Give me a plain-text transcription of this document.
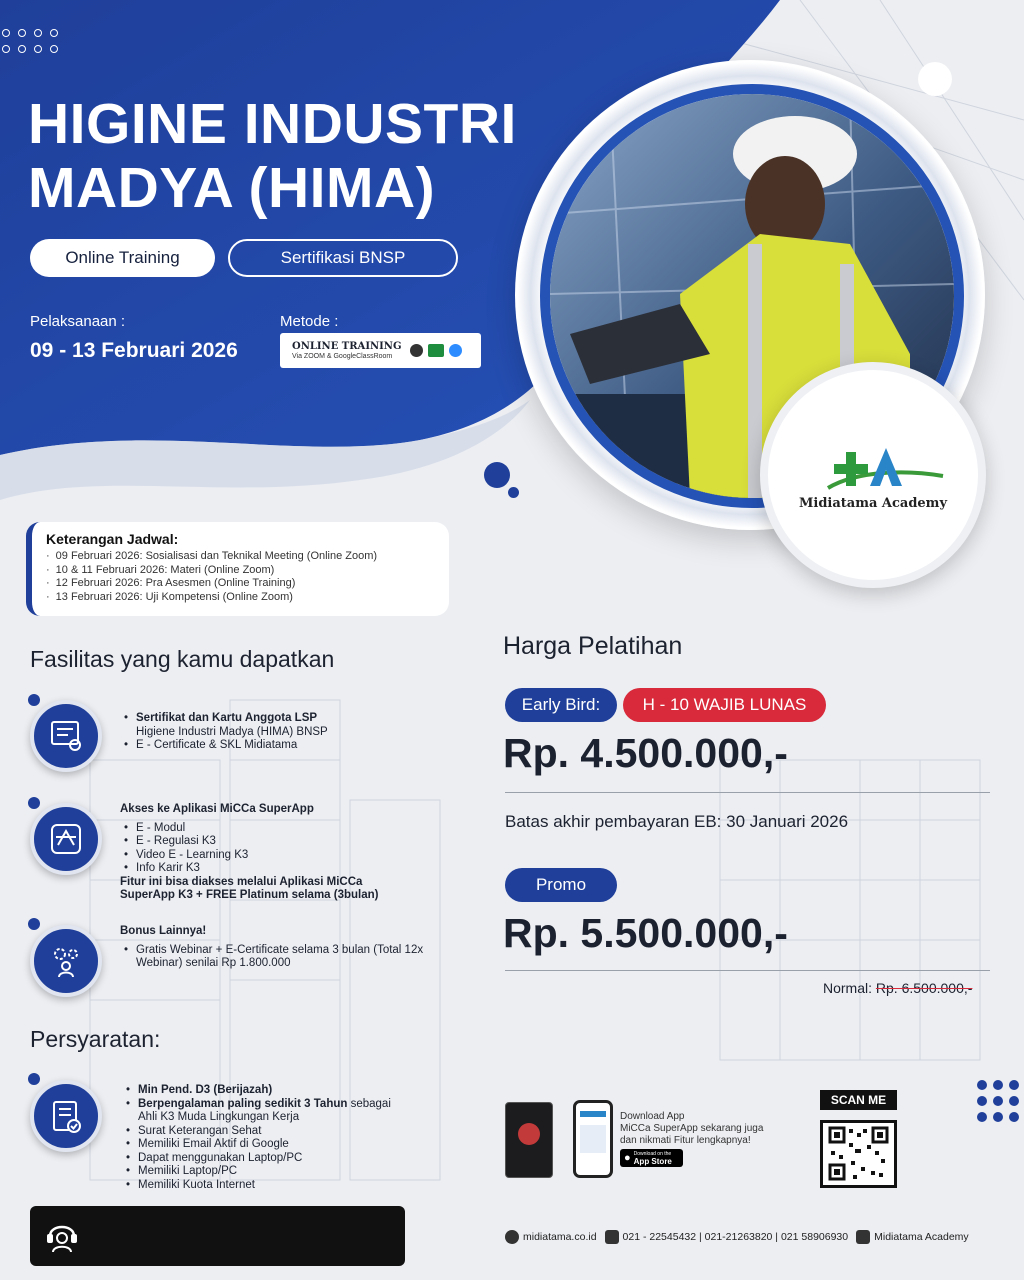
HIGINE INDUSTRI
MADYA (HIMA)
Online Training	Sertifikasi BNSP
Pelaksanaan :
09 - 13 Februari 2026
Metode :
ONLINE TRAINING
Via ZOOM & GoogleClassRoom
Midiatama Academy
Keterangan Jadwal:
· 09 Februari 2026: Sosialisasi dan Teknikal Meeting (Online Zoom)
· 10 & 11 Februari 2026: Materi (Online Zoom)
· 12 Februari 2026: Pra Asesmen (Online Training)
· 13 Februari 2026: Uji Kompetensi (Online Zoom)
Fasilitas yang kamu dapatkan
• Sertifikat dan Kartu Anggota LSP
Higiene Industri Madya (HIMA) BNSP
• E - Certificate & SKL Midiatama
Akses ke Aplikasi MiCCa SuperApp
• E - Modul
• E - Regulasi K3
• Video E - Learning K3
• Info Karir K3
Fitur ini bisa diakses melalui Aplikasi MiCCa
SuperApp K3 + FREE Platinum selama (3bulan)
Bonus Lainnya!
• Gratis Webinar + E-Certificate selama 3 bulan (Total 12x
Webinar) senilai Rp 1.800.000
Persyaratan:
• Min Pend. D3 (Berijazah)
• Berpengalaman paling sedikit 3 Tahun sebagai
Ahli K3 Muda Lingkungan Kerja
• Surat Keterangan Sehat
• Memiliki Email Aktif di Google
• Dapat menggunakan Laptop/PC
• Memiliki Laptop/PC
• Memiliki Kuota Internet
Harga Pelatihan
Early Bird:	H - 10 WAJIB LUNAS
Rp. 4.500.000,-
Batas akhir pembayaran EB: 30 Januari 2026
Promo
Rp. 5.500.000,-
Normal: Rp. 6.500.000,-
Download App
MiCCa SuperApp sekarang juga
dan nikmati Fitur lengkapnya!
● Download on the
App Store
SCAN ME
midiatama.co.id 021 - 22545432 | 021-21263820 | 021 58906930 Midiatama Academy
